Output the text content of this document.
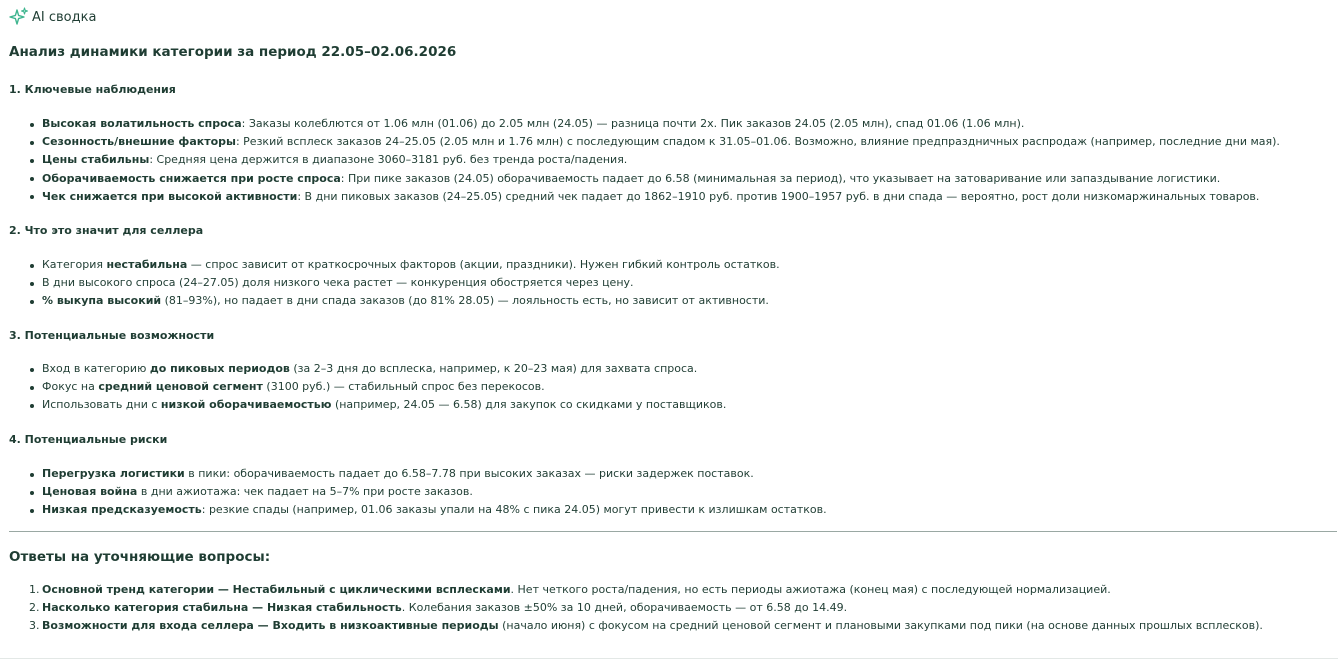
AI сводка
Анализ динамики категории за период 22.05–02.06.2026
1. Ключевые наблюдения
Высокая волатильность спроса: Заказы колеблются от 1.06 млн (01.06) до 2.05 млн (24.05) — разница почти 2х. Пик заказов 24.05 (2.05 млн), спад 01.06 (1.06 млн).
Сезонность/внешние факторы: Резкий всплеск заказов 24–25.05 (2.05 млн и 1.76 млн) с последующим спадом к 31.05–01.06. Возможно, влияние предпраздничных распродаж (например, последние дни мая).
Цены стабильны: Средняя цена держится в диапазоне 3060–3181 руб. без тренда роста/падения.
Оборачиваемость снижается при росте спроса: При пике заказов (24.05) оборачиваемость падает до 6.58 (минимальная за период), что указывает на затоваривание или запаздывание логистики.
Чек снижается при высокой активности: В дни пиковых заказов (24–25.05) средний чек падает до 1862–1910 руб. против 1900–1957 руб. в дни спада — вероятно, рост доли низкомаржинальных товаров.
2. Что это значит для селлера
Категория нестабильна — спрос зависит от краткосрочных факторов (акции, праздники). Нужен гибкий контроль остатков.
В дни высокого спроса (24–27.05) доля низкого чека растет — конкуренция обостряется через цену.
% выкупа высокий (81–93%), но падает в дни спада заказов (до 81% 28.05) — лояльность есть, но зависит от активности.
3. Потенциальные возможности
Вход в категорию до пиковых периодов (за 2–3 дня до всплеска, например, к 20–23 мая) для захвата спроса.
Фокус на средний ценовой сегмент (3100 руб.) — стабильный спрос без перекосов.
Использовать дни с низкой оборачиваемостью (например, 24.05 — 6.58) для закупок со скидками у поставщиков.
4. Потенциальные риски
Перегрузка логистики в пики: оборачиваемость падает до 6.58–7.78 при высоких заказах — риски задержек поставок.
Ценовая война в дни ажиотажа: чек падает на 5–7% при росте заказов.
Низкая предсказуемость: резкие спады (например, 01.06 заказы упали на 48% с пика 24.05) могут привести к излишкам остатков.
Ответы на уточняющие вопросы:
1. Основной тренд категории — Нестабильный с циклическими всплесками. Нет четкого роста/падения, но есть периоды ажиотажа (конец мая) с последующей нормализацией.
2. Насколько категория стабильна — Низкая стабильность. Колебания заказов ±50% за 10 дней, оборачиваемость — от 6.58 до 14.49.
3. Возможности для входа селлера — Входить в низкоактивные периоды (начало июня) с фокусом на средний ценовой сегмент и плановыми закупками под пики (на основе данных прошлых всплесков).
